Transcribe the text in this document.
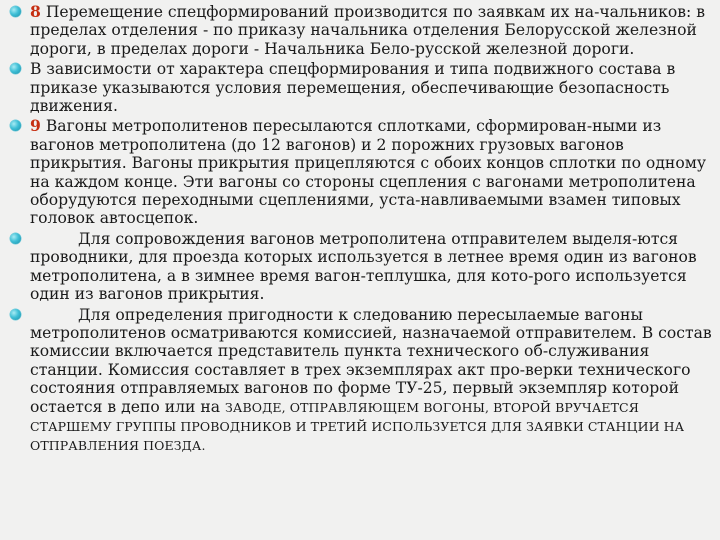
8 Перемещение спецформирований производится по заявкам их на-чальников: в пределах отделения - по приказу начальника отделения Белорусской железной дороги, в пределах дороги - Начальника Бело-русской железной дороги.
В зависимости от характера спецформирования и типа подвижного состава в приказе указываются условия перемещения, обеспечивающие безопасность движения.
9 Вагоны метрополитенов пересылаются сплотками, сформирован-ными из вагонов метрополитена (до 12 вагонов) и 2 порожних грузовых вагонов прикрытия. Вагоны прикрытия прицепляются с обоих концов сплотки по одному на каждом конце. Эти вагоны со стороны сцепления с вагонами метрополитена оборудуются переходными сцеплениями, уста-навливаемыми взамен типовых головок автосцепок.
Для сопровождения вагонов метрополитена отправителем выделя-ются проводники, для проезда которых используется в летнее время один из вагонов метрополитена, а в зимнее время вагон-теплушка, для кото-рого используется один из вагонов прикрытия.
Для определения пригодности к следованию пересылаемые вагоны метрополитенов осматриваются комиссией, назначаемой отправителем. В состав комиссии включается представитель пункта технического об-служивания станции. Комиссия составляет в трех экземплярах акт про-верки технического состояния отправляемых вагонов по форме ТУ-25, первый экземпляр которой остается в депо или на ЗАВОДЕ, ОТПРАВЛЯЮЩЕМ ВОГОНЫ, ВТОРОЙ ВРУЧАЕТСЯ СТАРШЕМУ ГРУППЫ ПРОВОДНИКОВ И ТРЕТИЙ ИСПОЛЬЗУЕТСЯ ДЛЯ ЗАЯВКИ СТАНЦИИ НА ОТПРАВЛЕНИЯ ПОЕЗДА.
